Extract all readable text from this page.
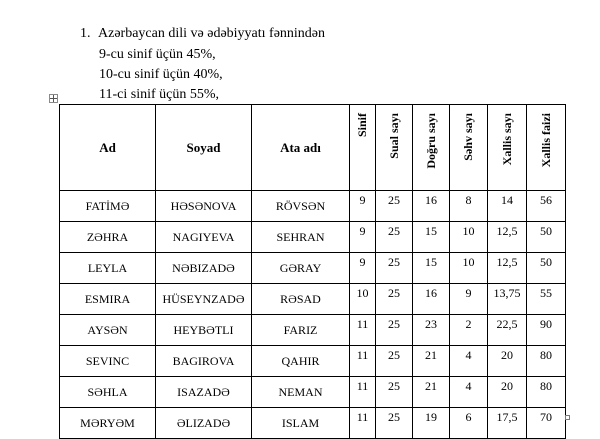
1. Azərbaycan dili və ədəbiyyatı fənnindən
9-cu sinif üçün 45%,
10-cu sinif üçün 40%,
11-ci sinif üçün 55%,
Ad	Soyad	Ata adı	Sinif	Sual sayı	Doğru sayı	Səhv sayı	Xallis sayı	Xallis faizi
FATİMƏ	HƏSƏNOVA	RÖVSƏN	9	25	16	8	14	56
ZƏHRA	NAGIYEVA	SEHRAN	9	25	15	10	12,5	50
LEYLA	NƏBIZADƏ	GƏRAY	9	25	15	10	12,5	50
ESMIRA	HÜSEYNZADƏ	RƏSAD	10	25	16	9	13,75	55
AYSƏN	HEYBƏTLI	FARIZ	11	25	23	2	22,5	90
SEVINC	BAGIROVA	QAHIR	11	25	21	4	20	80
SƏHLA	ISAZADƏ	NEMAN	11	25	21	4	20	80
MƏRYƏM	ƏLIZADƏ	ISLAM	11	25	19	6	17,5	70
